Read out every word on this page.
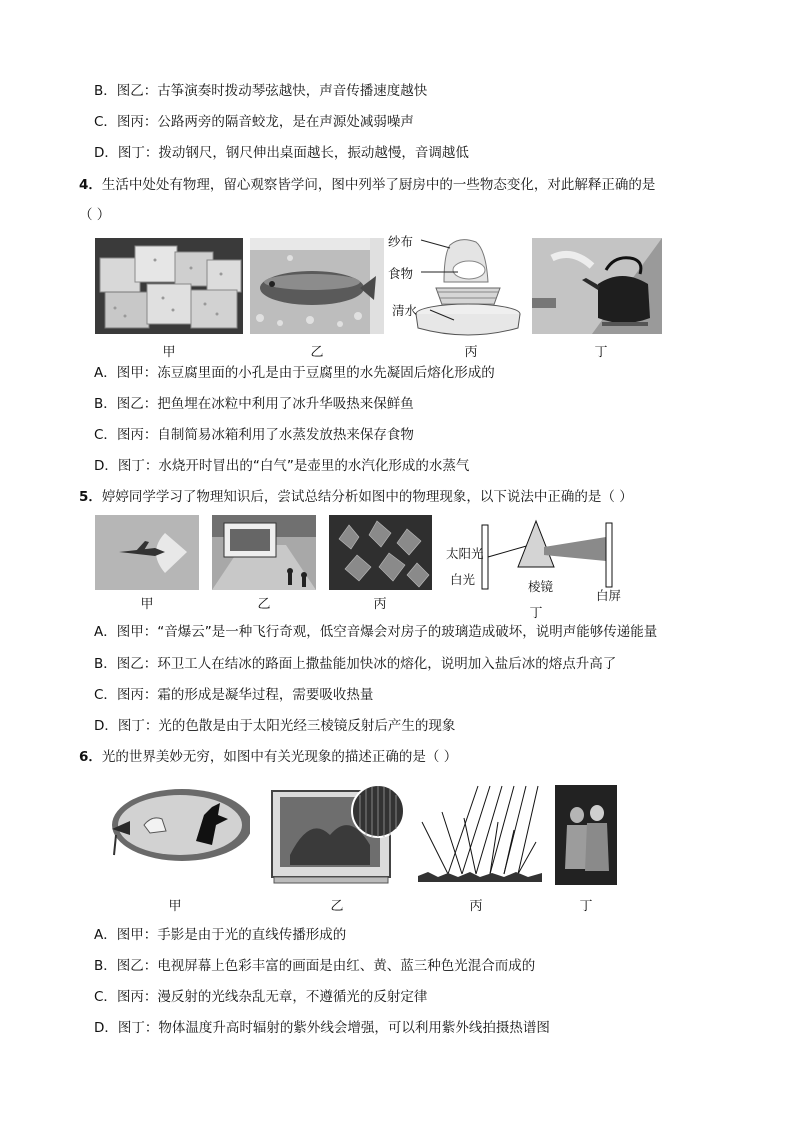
B．图乙：古筝演奏时拨动琴弦越快，声音传播速度越快
C．图丙：公路两旁的隔音蛟龙，是在声源处减弱噪声
D．图丁：拨动钢尺，钢尺伸出桌面越长，振动越慢，音调越低
4．生活中处处有物理，留心观察皆学问，图中列举了厨房中的一些物态变化，对此解释正确的是
（ ）
纱布
食物
清水
甲	乙	丙	丁
A．图甲：冻豆腐里面的小孔是由于豆腐里的水先凝固后熔化形成的
B．图乙：把鱼埋在冰粒中利用了冰升华吸热来保鲜鱼
C．图丙：自制简易冰箱利用了水蒸发放热来保存食物
D．图丁：水烧开时冒出的“白气”是壶里的水汽化形成的水蒸气
5．婷婷同学学习了物理知识后，尝试总结分析如图中的物理现象，以下说法中正确的是（ ）
甲	乙	丙
太阳光
白光	棱镜
白屏
丁
A．图甲：“音爆云”是一种飞行奇观，低空音爆会对房子的玻璃造成破坏，说明声能够传递能量
B．图乙：环卫工人在结冰的路面上撒盐能加快冰的熔化，说明加入盐后冰的熔点升高了
C．图丙：霜的形成是凝华过程，需要吸收热量
D．图丁：光的色散是由于太阳光经三棱镜反射后产生的现象
6．光的世界美妙无穷，如图中有关光现象的描述正确的是（ ）
甲	乙	丙	丁
A．图甲：手影是由于光的直线传播形成的
B．图乙：电视屏幕上色彩丰富的画面是由红、黄、蓝三种色光混合而成的
C．图丙：漫反射的光线杂乱无章，不遵循光的反射定律
D．图丁：物体温度升高时辐射的紫外线会增强，可以利用紫外线拍摄热谱图
